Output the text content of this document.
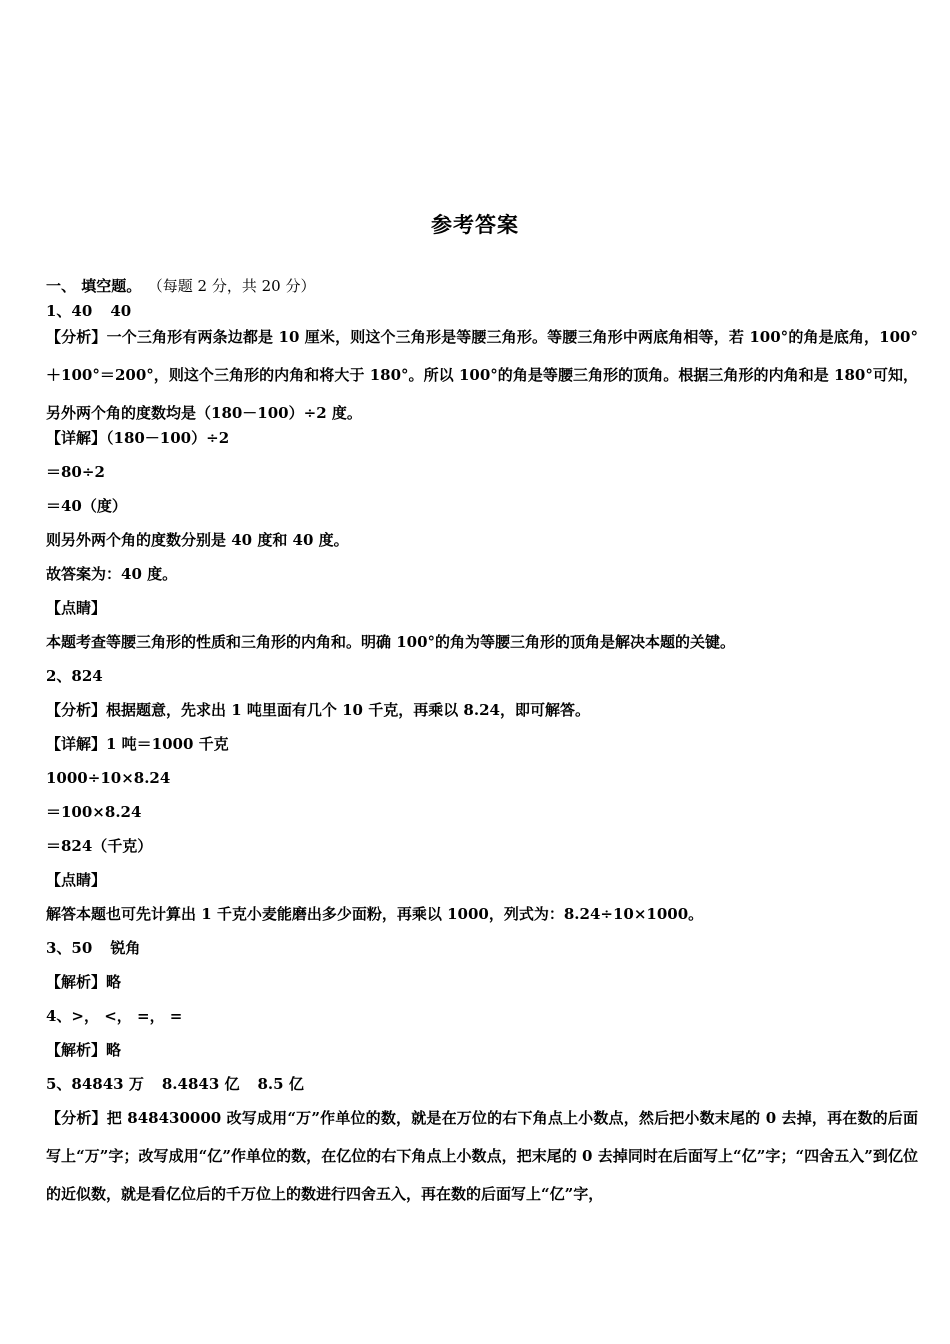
参考答案
一、 填空题。 （每题 2 分，共 20 分）
1、40 40
【分析】一个三角形有两条边都是 10 厘米，则这个三角形是等腰三角形。等腰三角形中两底角相等，若 100°的角是底角，100°＋100°＝200°，则这个三角形的内角和将大于 180°。所以 100°的角是等腰三角形的顶角。根据三角形的内角和是 180°可知，另外两个角的度数均是（180－100）÷2 度。
【详解】（180－100）÷2
＝80÷2
＝40（度）
则另外两个角的度数分别是 40 度和 40 度。
故答案为：40 度。
【点睛】
本题考查等腰三角形的性质和三角形的内角和。明确 100°的角为等腰三角形的顶角是解决本题的关键。
2、824
【分析】根据题意，先求出 1 吨里面有几个 10 千克，再乘以 8.24，即可解答。
【详解】1 吨＝1000 千克
1000÷10×8.24
＝100×8.24
＝824（千克）
【点睛】
解答本题也可先计算出 1 千克小麦能磨出多少面粉，再乘以 1000，列式为：8.24÷10×1000。
3、50 锐角
【解析】略
4、>， <， =， =
【解析】略
5、84843 万 8.4843 亿 8.5 亿
【分析】把 848430000 改写成用“万”作单位的数，就是在万位的右下角点上小数点，然后把小数末尾的 0 去掉，再在数的后面写上“万”字；改写成用“亿”作单位的数，在亿位的右下角点上小数点，把末尾的 0 去掉同时在后面写上“亿”字；“四舍五入”到亿位的近似数，就是看亿位后的千万位上的数进行四舍五入，再在数的后面写上“亿”字，
